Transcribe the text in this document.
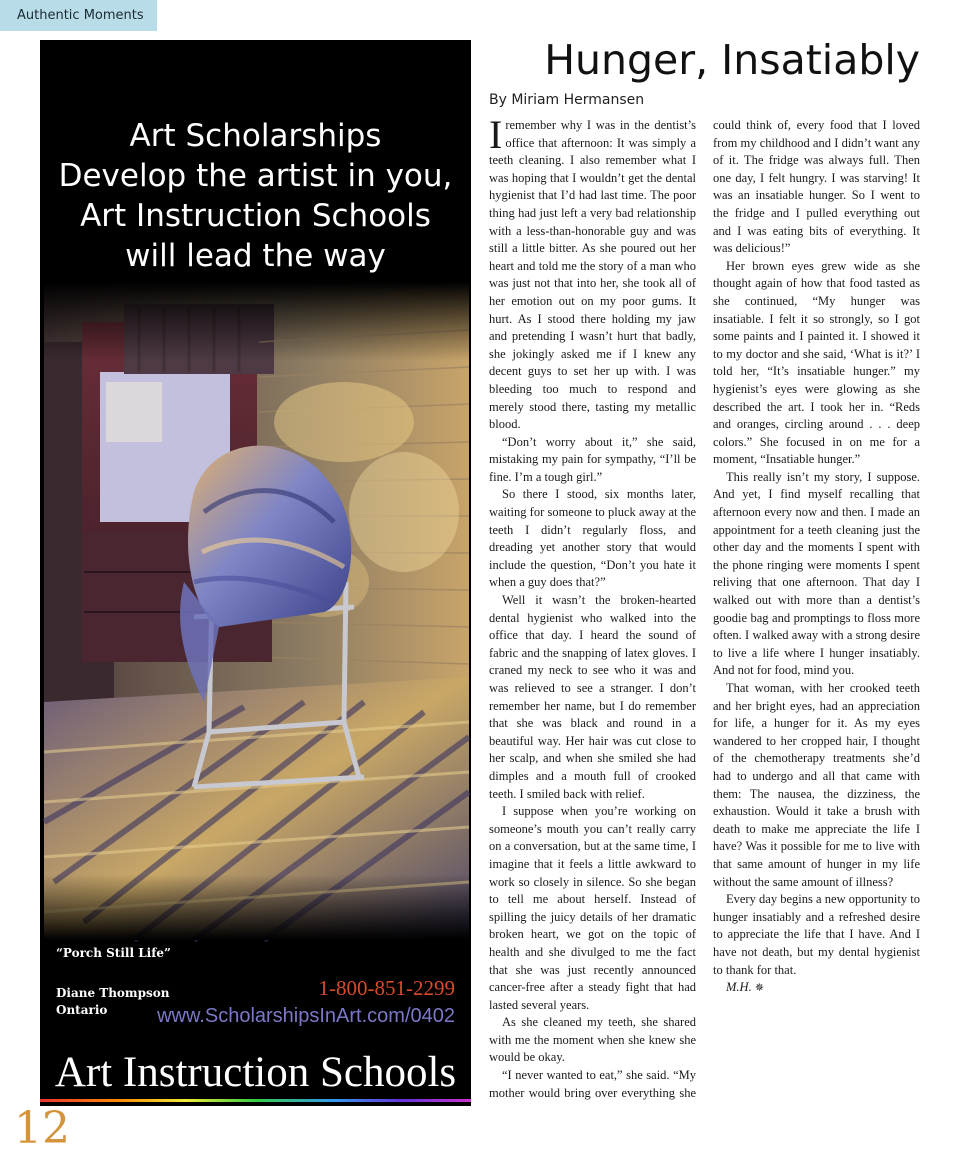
Authentic Moments
Art Scholarships
Develop the artist in you,
Art Instruction Schools
will lead the way
“Porch Still Life”
Diane Thompson
Ontario
1-800-851-2299
www.ScholarshipsInArt.com/0402
Art Instruction Schools
Creating Better Artists Since 1914
Hunger, Insatiably
By Miriam Hermansen

Iremember why I was in the dentist’s office that afternoon: It was simply a teeth cleaning. I also remember what I was hoping that I wouldn’t get the dental hygienist that I’d had last time. The poor thing had just left a very bad relationship with a less-than-honorable guy and was still a little bitter. As she poured out her heart and told me the story of a man who was just not that into her, she took all of her emotion out on my poor gums. It hurt. As I stood there holding my jaw and pretending I wasn’t hurt that badly, she jokingly asked me if I knew any decent guys to set her up with. I was bleeding too much to respond and merely stood there, tasting my metallic blood.

“Don’t worry about it,” she said, mistaking my pain for sympathy, “I’ll be fine. I’m a tough girl.”

So there I stood, six months later, waiting for someone to pluck away at the teeth I didn’t regularly floss, and dreading yet another story that would include the question, “Don’t you hate it when a guy does that?”

Well it wasn’t the broken-hearted dental hygienist who walked into the office that day. I heard the sound of fabric and the snapping of latex gloves. I craned my neck to see who it was and was relieved to see a stranger. I don’t remember her name, but I do remember that she was black and round in a beautiful way. Her hair was cut close to her scalp, and when she smiled she had dimples and a mouth full of crooked teeth. I smiled back with relief.

I suppose when you’re working on someone’s mouth you can’t really carry on a conversation, but at the same time, I imagine that it feels a little awkward to work so closely in silence. So she began to tell me about herself. Instead of spilling the juicy details of her dramatic broken heart, we got on the topic of health and she divulged to me the fact that she was just recently announced cancer-free after a steady fight that had lasted several years.

As she cleaned my teeth, she shared with me the moment when she knew she would be okay.

“I never wanted to eat,” she said. “My mother would bring over everything she could think of, every food that I loved from my childhood and I didn’t want any of it. The fridge was always full. Then one day, I felt hungry. I was starving! It was an insatiable hunger. So I went to the fridge and I pulled everything out and I was eating bits of everything. It was delicious!”

Her brown eyes grew wide as she thought again of how that food tasted as she continued, “My hunger was insatiable. I felt it so strongly, so I got some paints and I painted it. I showed it to my doctor and she said, ‘What is it?’ I told her, “It’s insatiable hunger.” my hygienist’s eyes were glowing as she described the art. I took her in. “Reds and oranges, circling around . . . deep colors.” She focused in on me for a moment, “Insatiable hunger.”

This really isn’t my story, I suppose. And yet, I find myself recalling that afternoon every now and then. I made an appointment for a teeth cleaning just the other day and the moments I spent with the phone ringing were moments I spent reliving that one afternoon. That day I walked out with more than a dentist’s goodie bag and promptings to floss more often. I walked away with a strong desire to live a life where I hunger insatiably. And not for food, mind you.

That woman, with her crooked teeth and her bright eyes, had an appreciation for life, a hunger for it. As my eyes wandered to her cropped hair, I thought of the chemotherapy treatments she’d had to undergo and all that came with them: The nausea, the dizziness, the exhaustion. Would it take a brush with death to make me appreciate the life I have? Was it possible for me to live with that same amount of hunger in my life without the same amount of illness?

Every day begins a new opportunity to hunger insatiably and a refreshed desire to appreciate the life that I have. And I have not death, but my dental hygienist to thank for that.

M.H. ✵

12
